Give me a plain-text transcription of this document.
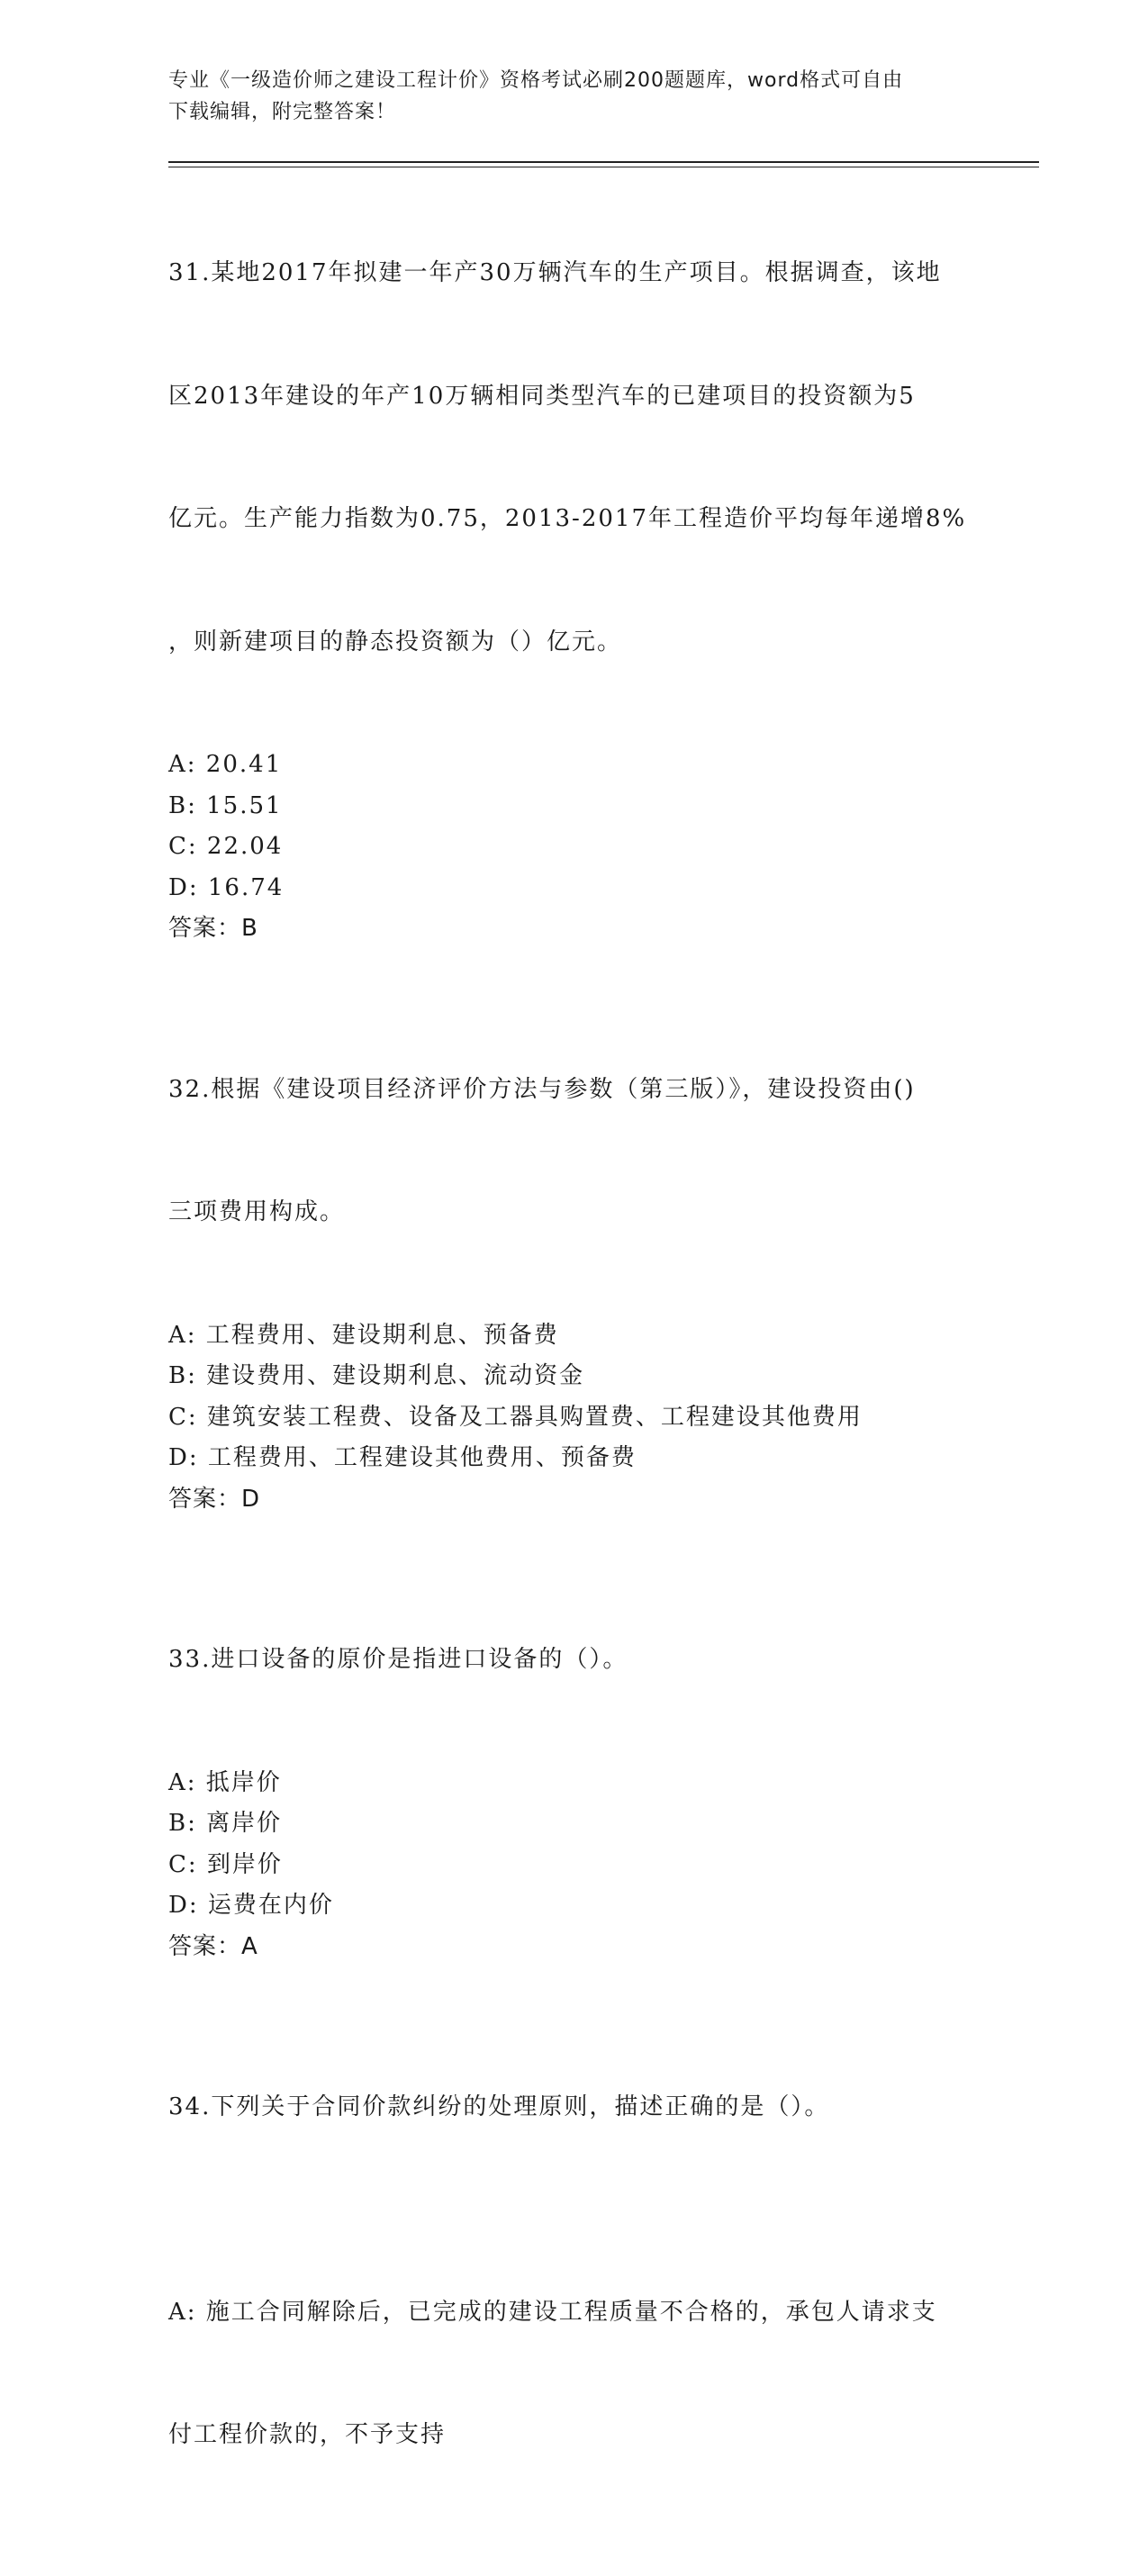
专业《一级造价师之建设工程计价》资格考试必刷200题题库，word格式可自由
下载编辑，附完整答案！

31.某地2017年拟建一年产30万辆汽车的生产项目。根据调查，该地

区2013年建设的年产10万辆相同类型汽车的已建项目的投资额为5

亿元。生产能力指数为0.75，2013-2017年工程造价平均每年递增8%

，则新建项目的静态投资额为（）亿元。

A: 20.41
B: 15.51
C: 22.04
D: 16.74
答案：B

32.根据《建设项目经济评价方法与参数（第三版）》，建设投资由()

三项费用构成。

A: 工程费用、建设期利息、预备费
B: 建设费用、建设期利息、流动资金
C: 建筑安装工程费、设备及工器具购置费、工程建设其他费用
D: 工程费用、工程建设其他费用、预备费
答案：D

33.进口设备的原价是指进口设备的（）。

A: 抵岸价
B: 离岸价
C: 到岸价
D: 运费在内价
答案：A

34.下列关于合同价款纠纷的处理原则，描述正确的是（）。

A: 施工合同解除后，已完成的建设工程质量不合格的，承包人请求支

付工程价款的，不予支持
